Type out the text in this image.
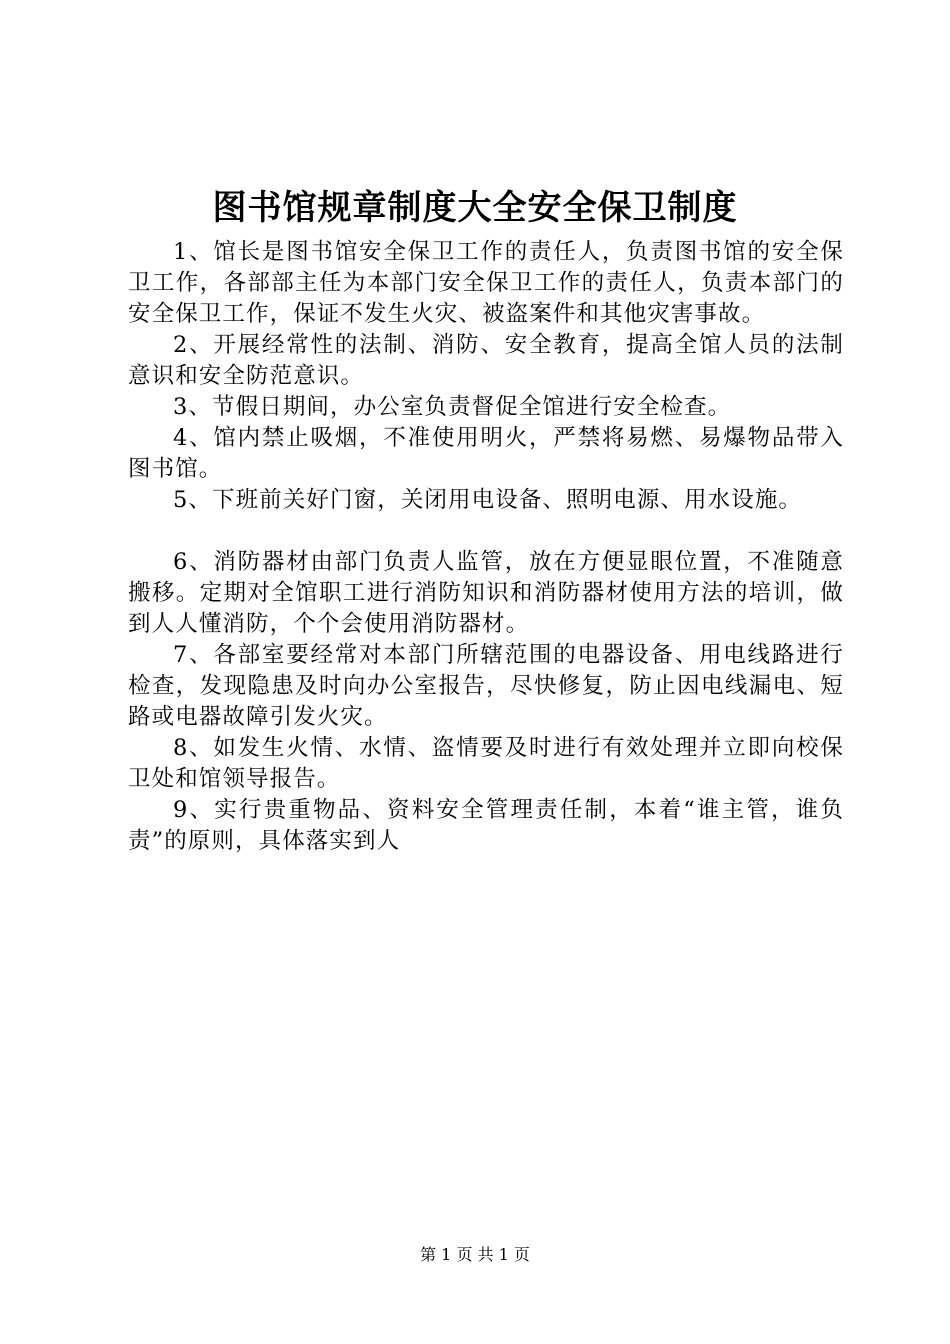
图书馆规章制度大全安全保卫制度

1、馆长是图书馆安全保卫工作的责任人，负责图书馆的安全保卫工作，各部部主任为本部门安全保卫工作的责任人，负责本部门的安全保卫工作，保证不发生火灾、被盗案件和其他灾害事故。

2、开展经常性的法制、消防、安全教育，提高全馆人员的法制意识和安全防范意识。

3、节假日期间，办公室负责督促全馆进行安全检查。

4、馆内禁止吸烟，不准使用明火，严禁将易燃、易爆物品带入图书馆。

5、下班前关好门窗，关闭用电设备、照明电源、用水设施。

6、消防器材由部门负责人监管，放在方便显眼位置，不准随意搬移。定期对全馆职工进行消防知识和消防器材使用方法的培训，做到人人懂消防，个个会使用消防器材。

7、各部室要经常对本部门所辖范围的电器设备、用电线路进行检查，发现隐患及时向办公室报告，尽快修复，防止因电线漏电、短路或电器故障引发火灾。

8、如发生火情、水情、盗情要及时进行有效处理并立即向校保卫处和馆领导报告。

9、实行贵重物品、资料安全管理责任制，本着“谁主管，谁负责”的原则，具体落实到人

第 1 页 共 1 页
